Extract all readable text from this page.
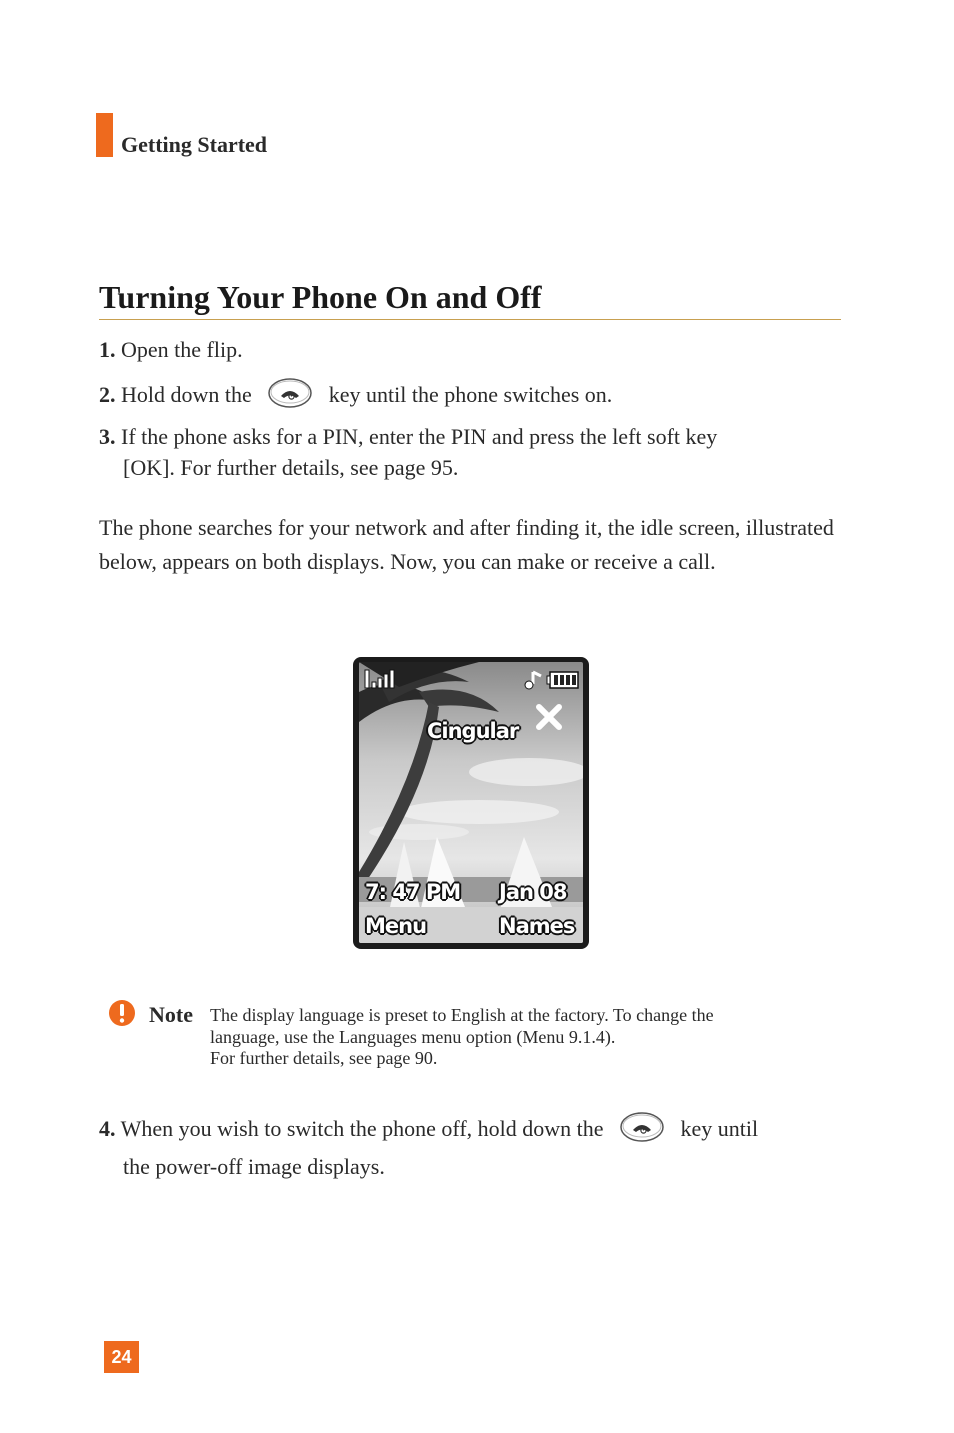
Getting Started
Turning Your Phone On and Off
1. Open the flip.
2. Hold down the	key until the phone switches on.
3. If the phone asks for a PIN, enter the PIN and press the left soft key
[OK]. For further details, see page 95.
The phone searches for your network and after finding it, the idle screen, illustrated below, appears on both displays. Now, you can make or receive a call.
Cingular
7: 47 PM Jan 08
Menu	Names
Note The display language is preset to English at the factory. To change the
language, use the Languages menu option (Menu 9.1.4).
For further details, see page 90.
4. When you wish to switch the phone off, hold down the	key until
the power-off image displays.
24
